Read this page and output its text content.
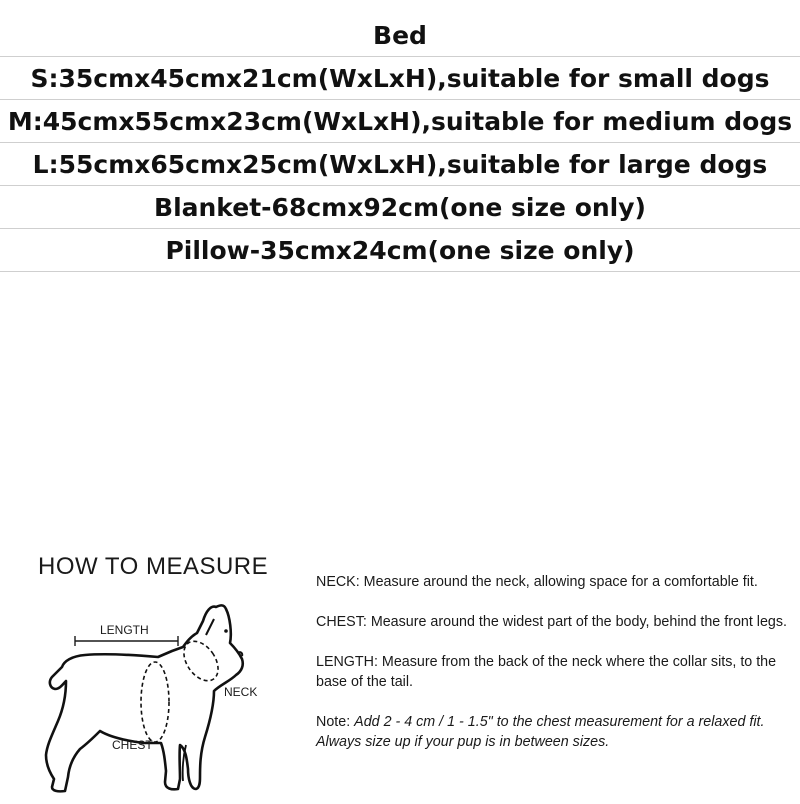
Bed
S:35cmx45cmx21cm(WxLxH),suitable for small dogs
M:45cmx55cmx23cm(WxLxH),suitable for medium dogs
L:55cmx65cmx25cm(WxLxH),suitable for large dogs
Blanket-68cmx92cm(one size only)
Pillow-35cmx24cm(one size only)
HOW TO MEASURE
LENGTH
NECK
CHEST

NECK: Measure around the neck, allowing space for a comfortable fit.

CHEST: Measure around the widest part of the body, behind the front legs.

LENGTH: Measure from the back of the neck where the collar sits, to the base of the tail.

Note: Add 2 - 4 cm / 1 - 1.5" to the chest measurement for a relaxed fit. Always size up if your pup is in between sizes.
